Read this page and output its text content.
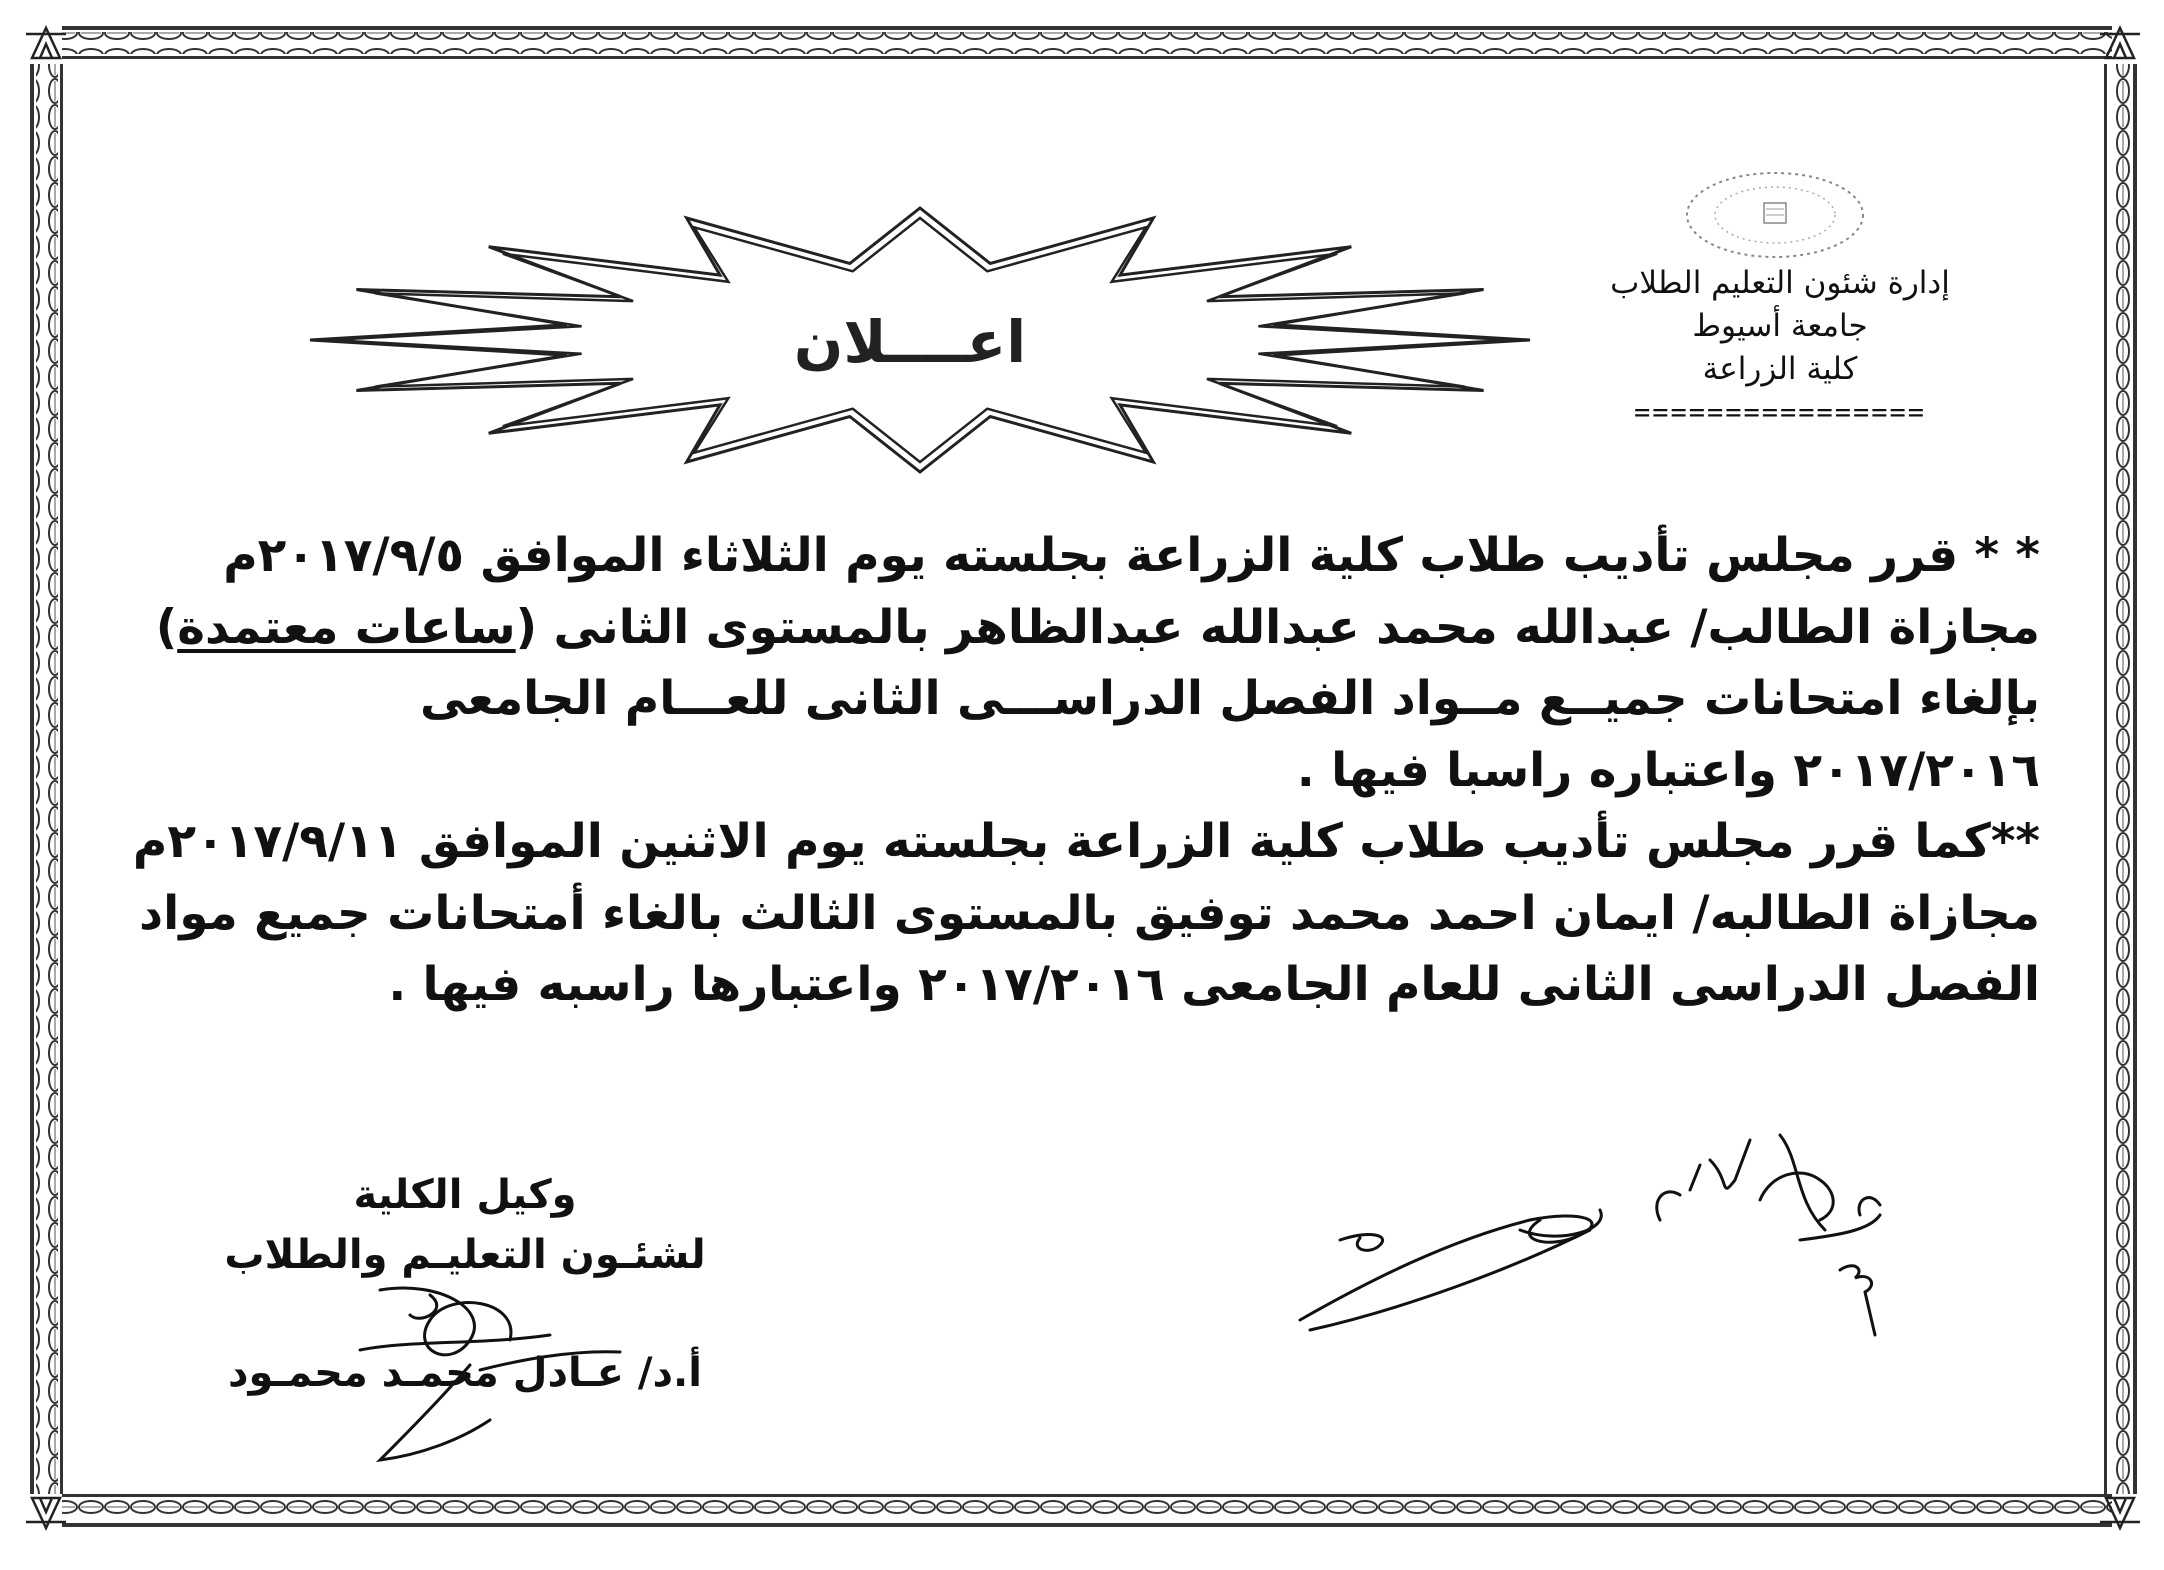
إدارة شئون التعليم الطلاب
جامعة أسيوط
كلية الزراعة
================
اعــــلان
* * قرر مجلس تأديب طلاب كلية الزراعة بجلسته يوم الثلاثاء الموافق ٢٠١٧/٩/٥م
مجازاة الطالب/ عبدالله محمد عبدالله عبدالظاهر بالمستوى الثانى (ساعات معتمدة)
بإلغاء امتحانات جميــع مــواد الفصل الدراســـى الثانى للعـــام الجامعى
٢٠١٧/٢٠١٦ واعتباره راسبا فيها .
**كما قرر مجلس تأديب طلاب كلية الزراعة بجلسته يوم الاثنين الموافق ٢٠١٧/٩/١١م
مجازاة الطالبه/ ايمان احمد محمد توفيق بالمستوى الثالث بالغاء أمتحانات جميع مواد
الفصل الدراسى الثانى للعام الجامعى ٢٠١٧/٢٠١٦ واعتبارها راسبه فيها .
وكيل الكلية
لشئـون التعليـم والطلاب
أ.د/ عـادل محمـد محمـود
